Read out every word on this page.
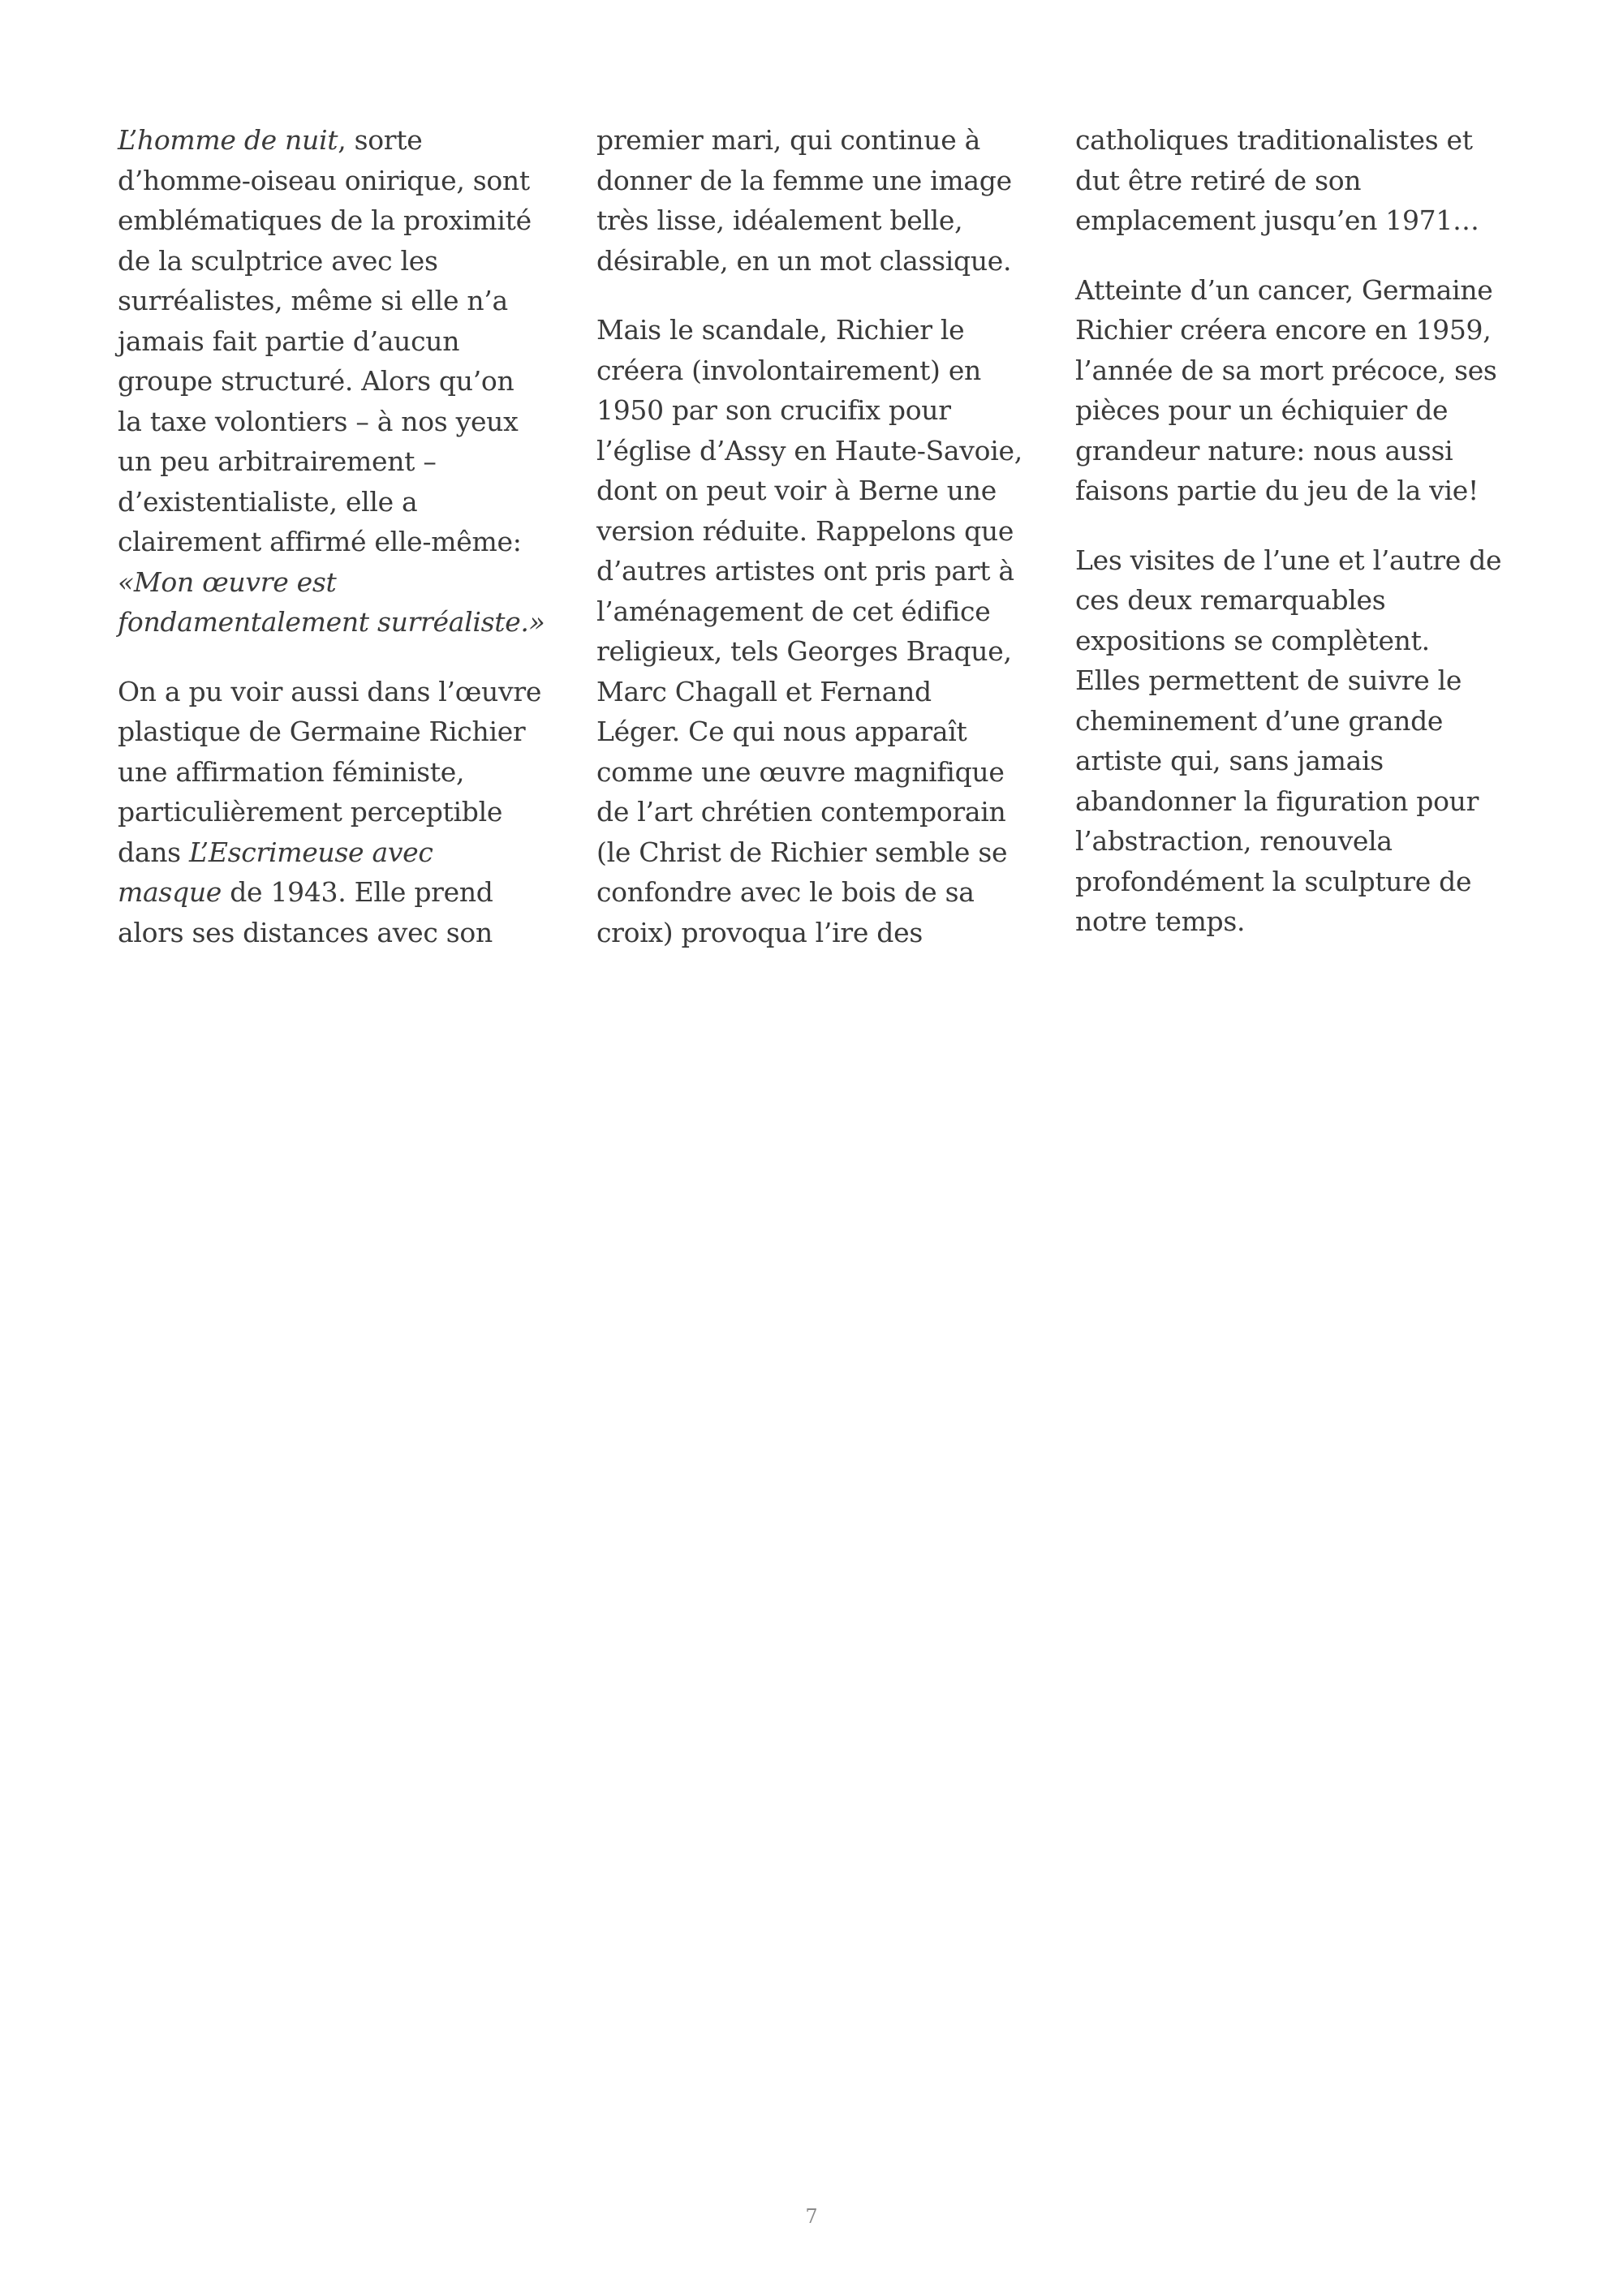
L’homme de nuit, sorte
d’homme-oiseau onirique, sont
emblématiques de la proximité
de la sculptrice avec les
surréalistes, même si elle n’a
jamais fait partie d’aucun
groupe structuré. Alors qu’on
la taxe volontiers – à nos yeux
un peu arbitrairement –
d’existentialiste, elle a
clairement affirmé elle-même:
«Mon œuvre est
fondamentalement surréaliste.»

On a pu voir aussi dans l’œuvre
plastique de Germaine Richier
une affirmation féministe,
particulièrement perceptible
dans L’Escrimeuse avec
masque de 1943. Elle prend
alors ses distances avec son

premier mari, qui continue à
donner de la femme une image
très lisse, idéalement belle,
désirable, en un mot classique.

Mais le scandale, Richier le
créera (involontairement) en
1950 par son crucifix pour
l’église d’Assy en Haute-Savoie,
dont on peut voir à Berne une
version réduite. Rappelons que
d’autres artistes ont pris part à
l’aménagement de cet édifice
religieux, tels Georges Braque,
Marc Chagall et Fernand
Léger. Ce qui nous apparaît
comme une œuvre magnifique
de l’art chrétien contemporain
(le Christ de Richier semble se
confondre avec le bois de sa
croix) provoqua l’ire des

catholiques traditionalistes et
dut être retiré de son
emplacement jusqu’en 1971…

Atteinte d’un cancer, Germaine
Richier créera encore en 1959,
l’année de sa mort précoce, ses
pièces pour un échiquier de
grandeur nature: nous aussi
faisons partie du jeu de la vie!

Les visites de l’une et l’autre de
ces deux remarquables
expositions se complètent.
Elles permettent de suivre le
cheminement d’une grande
artiste qui, sans jamais
abandonner la figuration pour
l’abstraction, renouvela
profondément la sculpture de
notre temps.

7
